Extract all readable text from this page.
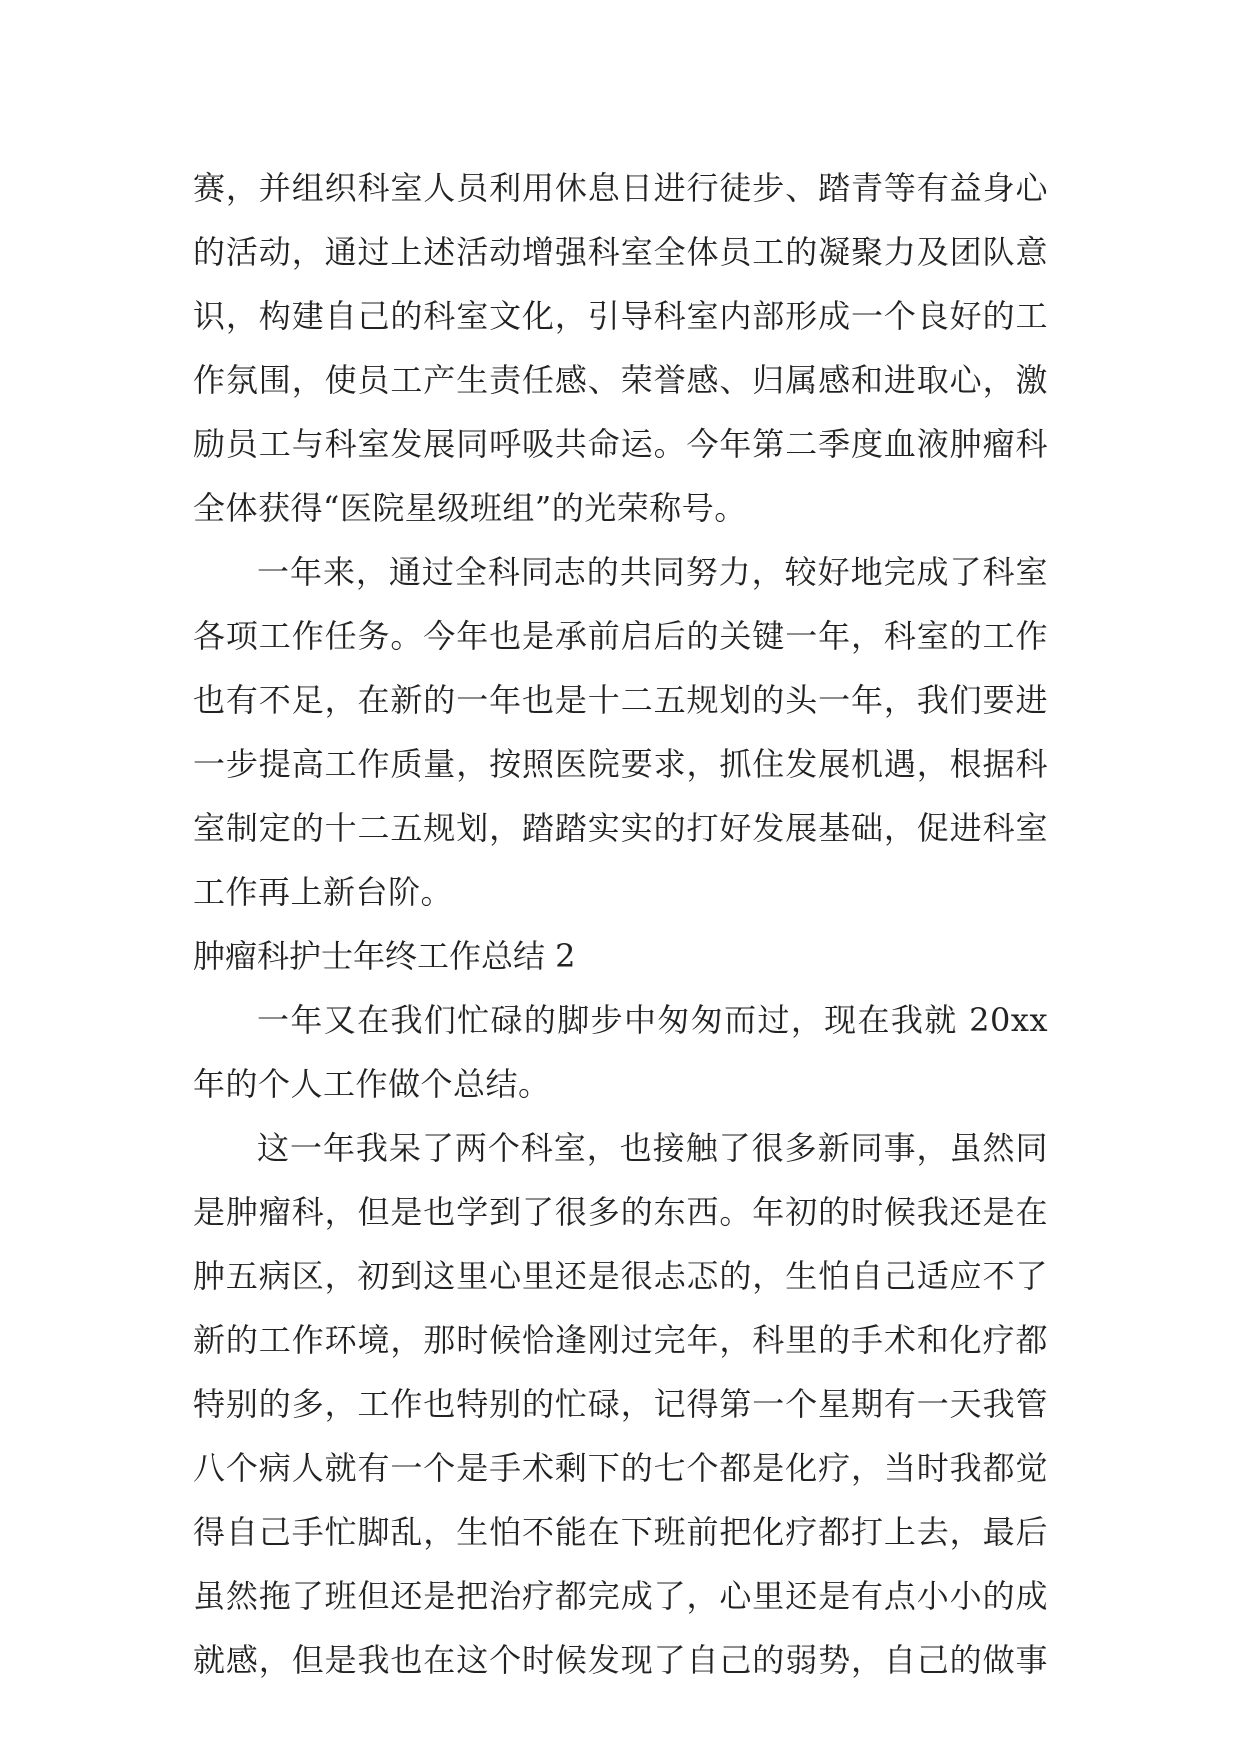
赛，并组织科室人员利用休息日进行徒步、踏青等有益身心
的活动，通过上述活动增强科室全体员工的凝聚力及团队意
识，构建自己的科室文化，引导科室内部形成一个良好的工
作氛围，使员工产生责任感、荣誉感、归属感和进取心，激
励员工与科室发展同呼吸共命运。今年第二季度血液肿瘤科
全体获得“医院星级班组”的光荣称号。
一年来，通过全科同志的共同努力，较好地完成了科室
各项工作任务。今年也是承前启后的关键一年，科室的工作
也有不足，在新的一年也是十二五规划的头一年，我们要进
一步提高工作质量，按照医院要求，抓住发展机遇，根据科
室制定的十二五规划，踏踏实实的打好发展基础，促进科室
工作再上新台阶。
肿瘤科护士年终工作总结 2
一年又在我们忙碌的脚步中匆匆而过，现在我就 20xx
年的个人工作做个总结。
这一年我呆了两个科室，也接触了很多新同事，虽然同
是肿瘤科，但是也学到了很多的东西。年初的时候我还是在
肿五病区，初到这里心里还是很忐忑的，生怕自己适应不了
新的工作环境，那时候恰逢刚过完年，科里的手术和化疗都
特别的多，工作也特别的忙碌，记得第一个星期有一天我管
八个病人就有一个是手术剩下的七个都是化疗，当时我都觉
得自己手忙脚乱，生怕不能在下班前把化疗都打上去，最后
虽然拖了班但还是把治疗都完成了，心里还是有点小小的成
就感，但是我也在这个时候发现了自己的弱势，自己的做事
